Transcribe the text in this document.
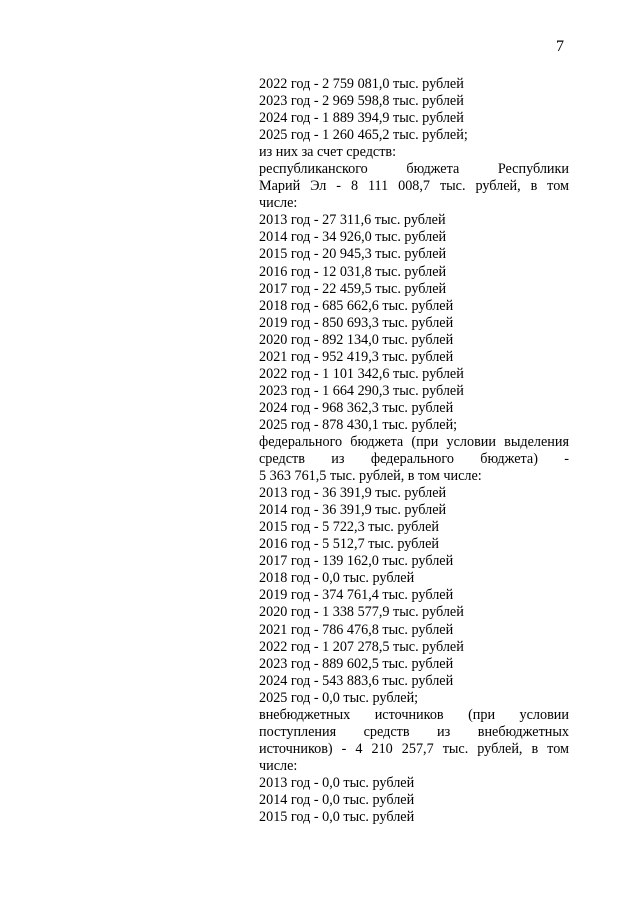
7
2022 год - 2 759 081,0 тыс. рублей
2023 год - 2 969 598,8 тыс. рублей
2024 год - 1 889 394,9 тыс. рублей
2025 год - 1 260 465,2 тыс. рублей;
из них за счет средств:
республиканского бюджета Республики
Марий Эл - 8 111 008,7 тыс. рублей, в том
числе:
2013 год - 27 311,6 тыс. рублей
2014 год - 34 926,0 тыс. рублей
2015 год - 20 945,3 тыс. рублей
2016 год - 12 031,8 тыс. рублей
2017 год - 22 459,5 тыс. рублей
2018 год - 685 662,6 тыс. рублей
2019 год - 850 693,3 тыс. рублей
2020 год - 892 134,0 тыс. рублей
2021 год - 952 419,3 тыс. рублей
2022 год - 1 101 342,6 тыс. рублей
2023 год - 1 664 290,3 тыс. рублей
2024 год - 968 362,3 тыс. рублей
2025 год - 878 430,1 тыс. рублей;
федерального бюджета (при условии выделения
средств из федерального бюджета) -
5 363 761,5 тыс. рублей, в том числе:
2013 год - 36 391,9 тыс. рублей
2014 год - 36 391,9 тыс. рублей
2015 год - 5 722,3 тыс. рублей
2016 год - 5 512,7 тыс. рублей
2017 год - 139 162,0 тыс. рублей
2018 год - 0,0 тыс. рублей
2019 год - 374 761,4 тыс. рублей
2020 год - 1 338 577,9 тыс. рублей
2021 год - 786 476,8 тыс. рублей
2022 год - 1 207 278,5 тыс. рублей
2023 год - 889 602,5 тыс. рублей
2024 год - 543 883,6 тыс. рублей
2025 год - 0,0 тыс. рублей;
внебюджетных источников (при условии
поступления средств из внебюджетных
источников) - 4 210 257,7 тыс. рублей, в том
числе:
2013 год - 0,0 тыс. рублей
2014 год - 0,0 тыс. рублей
2015 год - 0,0 тыс. рублей
